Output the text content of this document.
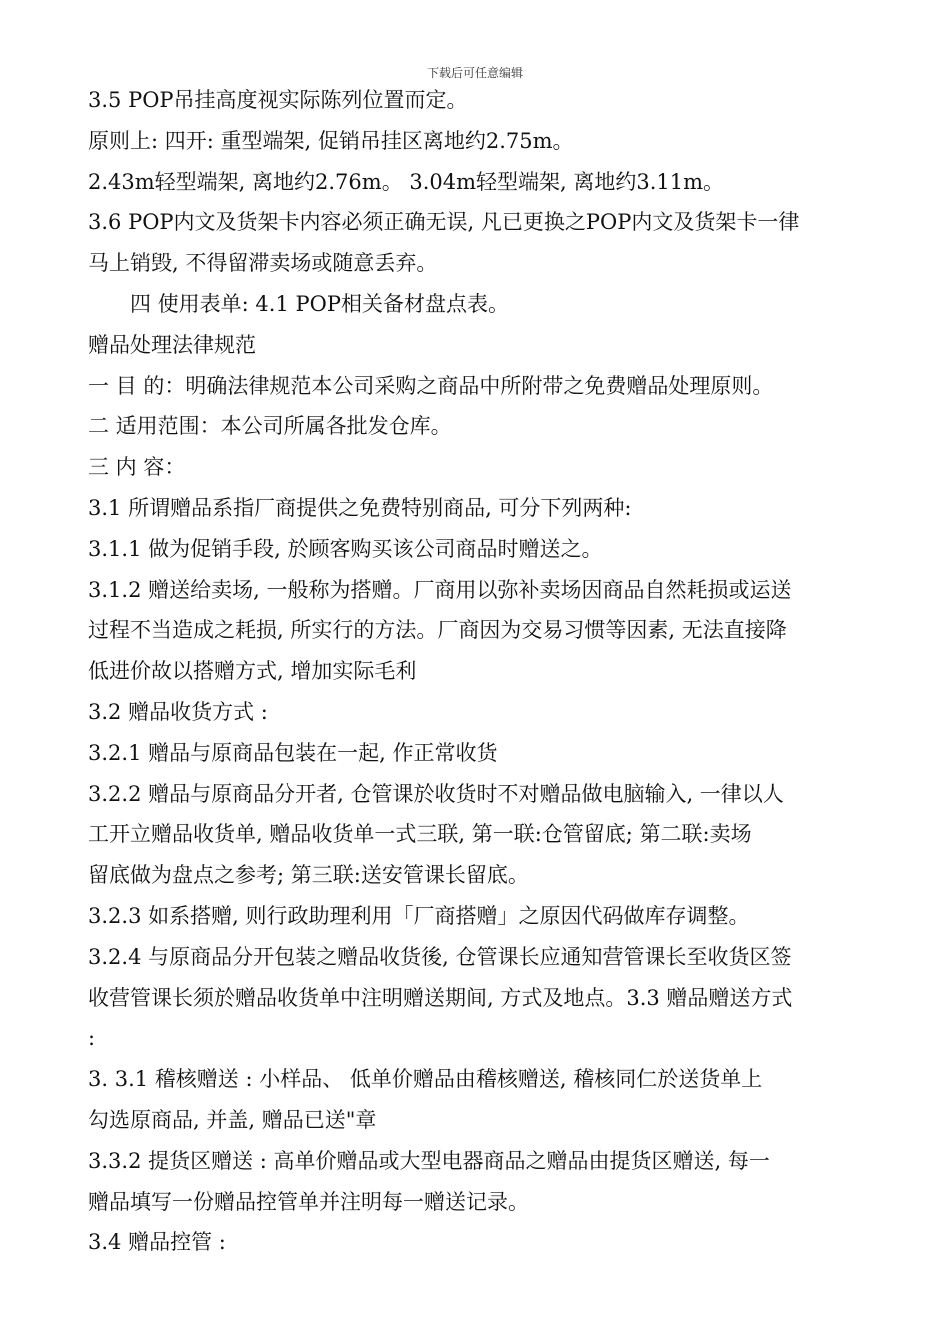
下载后可任意编辑
3.5 POP吊挂高度视实际陈列位置而定。
原则上: 四开: 重型端架, 促销吊挂区离地约2.75m。
2.43m轻型端架, 离地约2.76m。 3.04m轻型端架, 离地约3.11m。
3.6 POP内文及货架卡内容必须正确无误, 凡已更换之POP内文及货架卡一律
马上销毁, 不得留滞卖场或随意丢弃。
四 使用表单: 4.1 POP相关备材盘点表。
赠品处理法律规范
一 目 的：明确法律规范本公司采购之商品中所附带之免费赠品处理原则。
二 适用范围：本公司所属各批发仓库。
三 内 容：
3.1 所谓赠品系指厂商提供之免费特别商品, 可分下列两种:
3.1.1 做为促销手段, 於顾客购买该公司商品时赠送之。
3.1.2 赠送给卖场, 一般称为搭赠。厂商用以弥补卖场因商品自然耗损或运送
过程不当造成之耗损, 所实行的方法。厂商因为交易习惯等因素, 无法直接降
低进价故以搭赠方式, 增加实际毛利
3.2 赠品收货方式 :
3.2.1 赠品与原商品包装在一起, 作正常收货
3.2.2 赠品与原商品分开者, 仓管课於收货时不对赠品做电脑输入, 一律以人
工开立赠品收货单, 赠品收货单一式三联, 第一联:仓管留底; 第二联:卖场
留底做为盘点之参考; 第三联:送安管课长留底。
3.2.3 如系搭赠, 则行政助理利用「厂商搭赠」之原因代码做库存调整。
3.2.4 与原商品分开包装之赠品收货後, 仓管课长应通知营管课长至收货区签
收营管课长须於赠品收货单中注明赠送期间, 方式及地点。3.3 赠品赠送方式
:
3. 3.1 稽核赠送 : 小样品、 低单价赠品由稽核赠送, 稽核同仁於送货单上
勾选原商品, 并盖, 赠品已送"章
3.3.2 提货区赠送 : 高单价赠品或大型电器商品之赠品由提货区赠送, 每一
赠品填写一份赠品控管单并注明每一赠送记录。
3.4 赠品控管 :
